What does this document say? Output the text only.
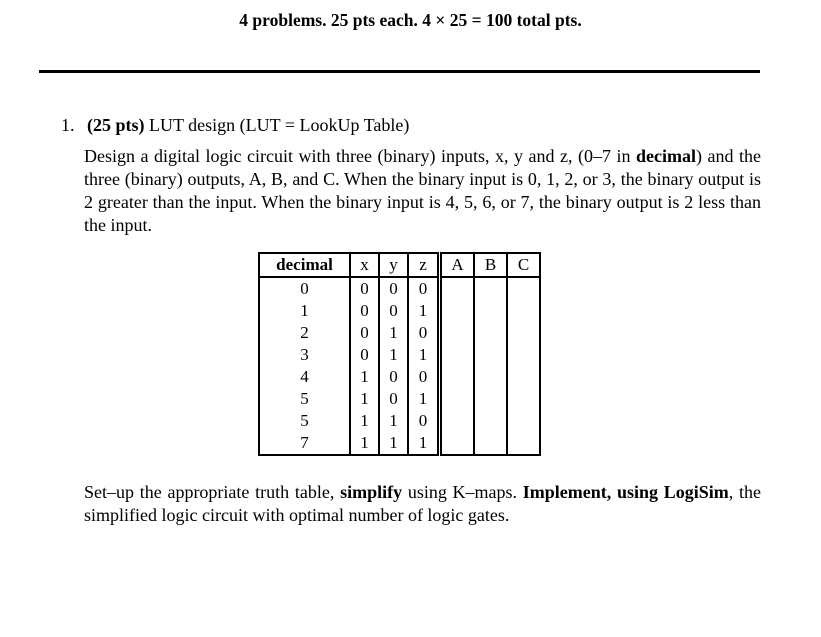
4 problems. 25 pts each. 4 × 25 = 100 total pts.
1. (25 pts) LUT design (LUT = LookUp Table)
Design a digital logic circuit with three (binary) inputs, x, y and z, (0–7 in decimal) and the three (binary) outputs, A, B, and C. When the binary input is 0, 1, 2, or 3, the binary output is 2 greater than the input. When the binary input is 4, 5, 6, or 7, the binary output is 2 less than the input.
decimal	x	y	z	A	B	C
0	0	0	0			
1	0	0	1			
2	0	1	0			
3	0	1	1			
4	1	0	0			
5	1	0	1			
5	1	1	0			
7	1	1	1			
Set–up the appropriate truth table, simplify using K–maps. Implement, using LogiSim, the simplified logic circuit with optimal number of logic gates.
